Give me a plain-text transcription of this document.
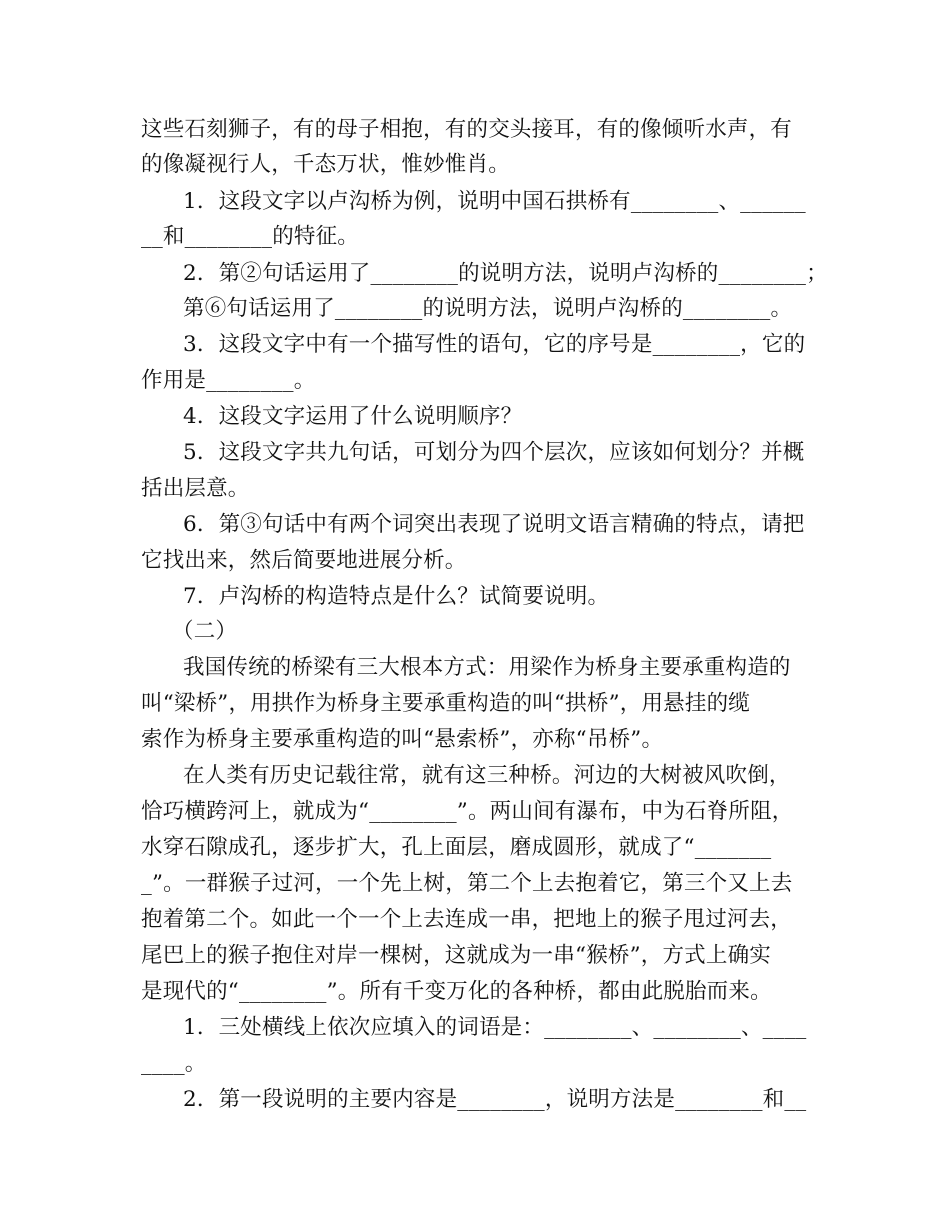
这些石刻狮子，有的母子相抱，有的交头接耳，有的像倾听水声，有
的像凝视行人，千态万状，惟妙惟肖。
1．这段文字以卢沟桥为例，说明中国石拱桥有________、______
__和________的特征。
2．第②句话运用了________的说明方法，说明卢沟桥的________；
第⑥句话运用了________的说明方法，说明卢沟桥的________。
3．这段文字中有一个描写性的语句，它的序号是________，它的
作用是________。
4．这段文字运用了什么说明顺序？
5．这段文字共九句话，可划分为四个层次，应该如何划分？并概
括出层意。
6．第③句话中有两个词突出表现了说明文语言精确的特点，请把
它找出来，然后简要地进展分析。
7．卢沟桥的构造特点是什么？试简要说明。
（二）
我国传统的桥梁有三大根本方式：用梁作为桥身主要承重构造的
叫“梁桥”，用拱作为桥身主要承重构造的叫“拱桥”，用悬挂的缆
索作为桥身主要承重构造的叫“悬索桥”，亦称“吊桥”。
在人类有历史记载往常，就有这三种桥。河边的大树被风吹倒，
恰巧横跨河上，就成为“________”。两山间有瀑布，中为石脊所阻，
水穿石隙成孔，逐步扩大，孔上面层，磨成圆形，就成了“_______
_”。一群猴子过河，一个先上树，第二个上去抱着它，第三个又上去
抱着第二个。如此一个一个上去连成一串，把地上的猴子甩过河去，
尾巴上的猴子抱住对岸一棵树，这就成为一串“猴桥”，方式上确实
是现代的“________”。所有千变万化的各种桥，都由此脱胎而来。
1．三处横线上依次应填入的词语是：________、________、____
____。
2．第一段说明的主要内容是________，说明方法是________和__
